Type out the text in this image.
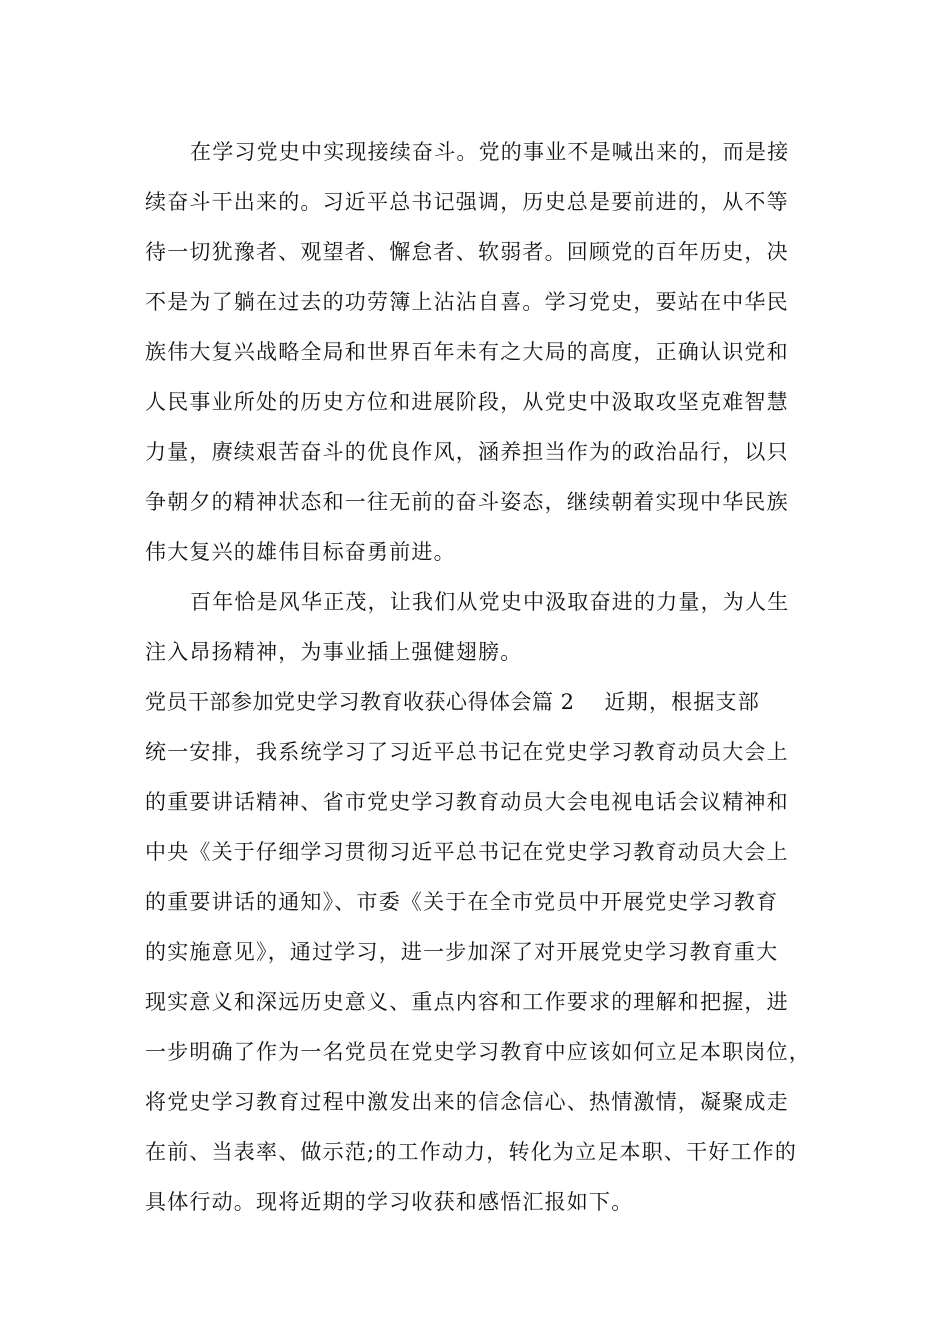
在学习党史中实现接续奋斗。党的事业不是喊出来的，而是接
续奋斗干出来的。习近平总书记强调，历史总是要前进的，从不等
待一切犹豫者、观望者、懈怠者、软弱者。回顾党的百年历史，决
不是为了躺在过去的功劳簿上沾沾自喜。学习党史，要站在中华民
族伟大复兴战略全局和世界百年未有之大局的高度，正确认识党和
人民事业所处的历史方位和进展阶段，从党史中汲取攻坚克难智慧
力量，赓续艰苦奋斗的优良作风，涵养担当作为的政治品行，以只
争朝夕的精神状态和一往无前的奋斗姿态，继续朝着实现中华民族
伟大复兴的雄伟目标奋勇前进。
百年恰是风华正茂，让我们从党史中汲取奋进的力量，为人生
注入昂扬精神，为事业插上强健翅膀。
党员干部参加党史学习教育收获心得体会篇 2 近期，根据支部
统一安排，我系统学习了习近平总书记在党史学习教育动员大会上
的重要讲话精神、省市党史学习教育动员大会电视电话会议精神和
中央《关于仔细学习贯彻习近平总书记在党史学习教育动员大会上
的重要讲话的通知》、市委《关于在全市党员中开展党史学习教育
的实施意见》，通过学习，进一步加深了对开展党史学习教育重大
现实意义和深远历史意义、重点内容和工作要求的理解和把握，进
一步明确了作为一名党员在党史学习教育中应该如何立足本职岗位，
将党史学习教育过程中激发出来的信念信心、热情激情，凝聚成走
在前、当表率、做示范;的工作动力，转化为立足本职、干好工作的
具体行动。现将近期的学习收获和感悟汇报如下。
